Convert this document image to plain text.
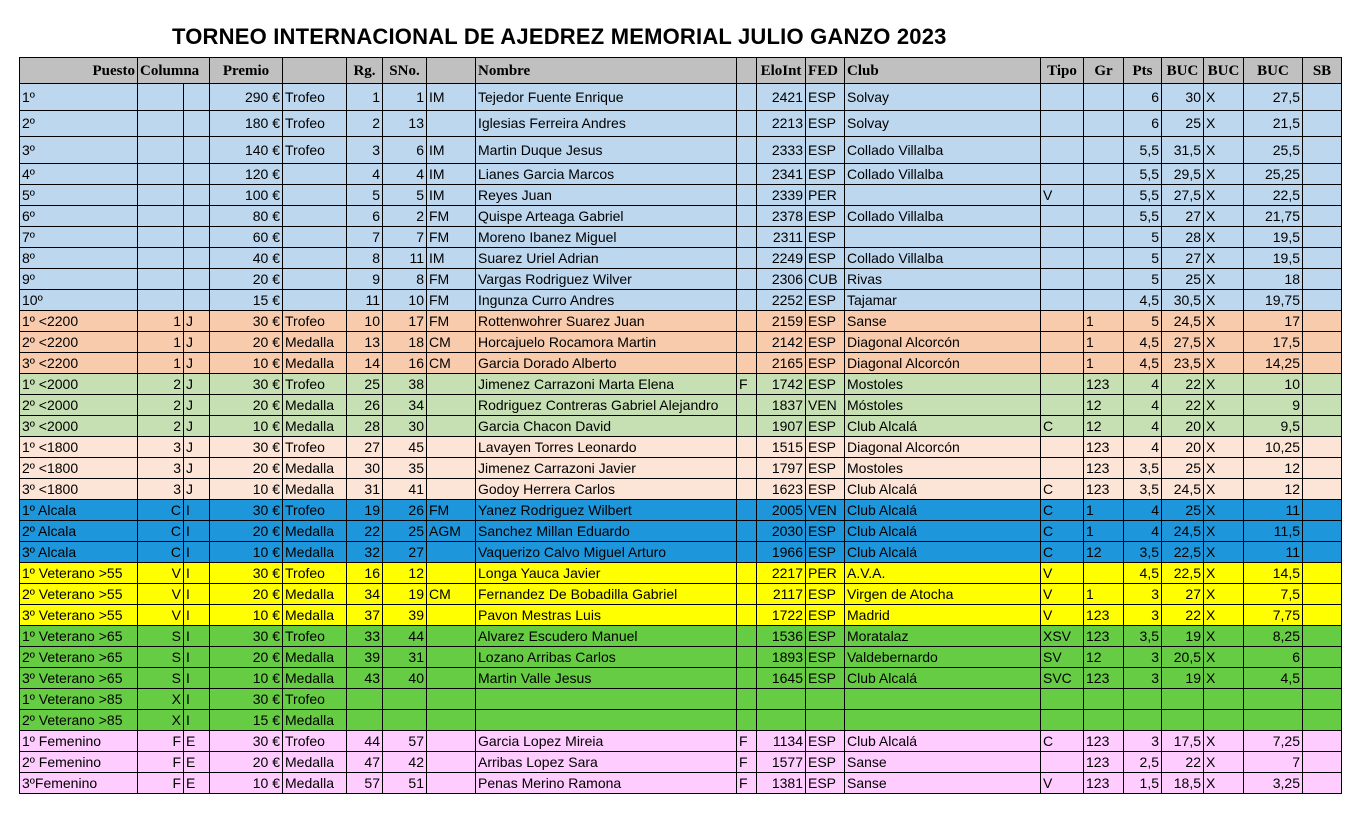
TORNEO INTERNACIONAL DE AJEDREZ MEMORIAL JULIO GANZO 2023
Puesto	Columna		Premio		Rg.	SNo.		Nombre		EloInt	FED	Club	Tipo	Gr	Pts	BUC	BUC	BUC	SB
1º			290 €	Trofeo	1	1	IM	Tejedor Fuente Enrique		2421	ESP	Solvay			6	30	X	27,5	
2º			180 €	Trofeo	2	13		Iglesias Ferreira Andres		2213	ESP	Solvay			6	25	X	21,5	
3º			140 €	Trofeo	3	6	IM	Martin Duque Jesus		2333	ESP	Collado Villalba			5,5	31,5	X	25,5	
4º			120 €		4	4	IM	Lianes Garcia Marcos		2341	ESP	Collado Villalba			5,5	29,5	X	25,25	
5º			100 €		5	5	IM	Reyes Juan		2339	PER		V		5,5	27,5	X	22,5	
6º			80 €		6	2	FM	Quispe Arteaga Gabriel		2378	ESP	Collado Villalba			5,5	27	X	21,75	
7º			60 €		7	7	FM	Moreno Ibanez Miguel		2311	ESP				5	28	X	19,5	
8º			40 €		8	11	IM	Suarez Uriel Adrian		2249	ESP	Collado Villalba			5	27	X	19,5	
9º			20 €		9	8	FM	Vargas Rodriguez Wilver		2306	CUB	Rivas			5	25	X	18	
10º			15 €		11	10	FM	Ingunza Curro Andres		2252	ESP	Tajamar			4,5	30,5	X	19,75	
1º <2200	1	J	30 €	Trofeo	10	17	FM	Rottenwohrer Suarez Juan		2159	ESP	Sanse		1	5	24,5	X	17	
2º <2200	1	J	20 €	Medalla	13	18	CM	Horcajuelo Rocamora Martin		2142	ESP	Diagonal Alcorcón		1	4,5	27,5	X	17,5	
3º <2200	1	J	10 €	Medalla	14	16	CM	Garcia Dorado Alberto		2165	ESP	Diagonal Alcorcón		1	4,5	23,5	X	14,25	
1º <2000	2	J	30 €	Trofeo	25	38		Jimenez Carrazoni Marta Elena	F	1742	ESP	Mostoles		123	4	22	X	10	
2º <2000	2	J	20 €	Medalla	26	34		Rodriguez Contreras Gabriel Alejandro		1837	VEN	Móstoles		12	4	22	X	9	
3º <2000	2	J	10 €	Medalla	28	30		Garcia Chacon David		1907	ESP	Club Alcalá	C	12	4	20	X	9,5	
1º <1800	3	J	30 €	Trofeo	27	45		Lavayen Torres Leonardo		1515	ESP	Diagonal Alcorcón		123	4	20	X	10,25	
2º <1800	3	J	20 €	Medalla	30	35		Jimenez Carrazoni Javier		1797	ESP	Mostoles		123	3,5	25	X	12	
3º <1800	3	J	10 €	Medalla	31	41		Godoy Herrera Carlos		1623	ESP	Club Alcalá	C	123	3,5	24,5	X	12	
1º Alcala	C	I	30 €	Trofeo	19	26	FM	Yanez Rodriguez Wilbert		2005	VEN	Club Alcalá	C	1	4	25	X	11	
2º Alcala	C	I	20 €	Medalla	22	25	AGM	Sanchez Millan Eduardo		2030	ESP	Club Alcalá	C	1	4	24,5	X	11,5	
3º Alcala	C	I	10 €	Medalla	32	27		Vaquerizo Calvo Miguel Arturo		1966	ESP	Club Alcalá	C	12	3,5	22,5	X	11	
1º Veterano >55	V	I	30 €	Trofeo	16	12		Longa Yauca Javier		2217	PER	A.V.A.	V		4,5	22,5	X	14,5	
2º Veterano >55	V	I	20 €	Medalla	34	19	CM	Fernandez De Bobadilla Gabriel		2117	ESP	Virgen de Atocha	V	1	3	27	X	7,5	
3º Veterano >55	V	I	10 €	Medalla	37	39		Pavon Mestras Luis		1722	ESP	Madrid	V	123	3	22	X	7,75	
1º Veterano >65	S	I	30 €	Trofeo	33	44		Alvarez Escudero Manuel		1536	ESP	Moratalaz	XSV	123	3,5	19	X	8,25	
2º Veterano >65	S	I	20 €	Medalla	39	31		Lozano Arribas Carlos		1893	ESP	Valdebernardo	SV	12	3	20,5	X	6	
3º Veterano >65	S	I	10 €	Medalla	43	40		Martin Valle Jesus		1645	ESP	Club Alcalá	SVC	123	3	19	X	4,5	
1º Veterano >85	X	I	30 €	Trofeo															
2º Veterano >85	X	I	15 €	Medalla															
1º Femenino	F	E	30 €	Trofeo	44	57		Garcia Lopez Mireia	F	1134	ESP	Club Alcalá	C	123	3	17,5	X	7,25	
2º Femenino	F	E	20 €	Medalla	47	42		Arribas Lopez Sara	F	1577	ESP	Sanse		123	2,5	22	X	7	
3ºFemenino	F	E	10 €	Medalla	57	51		Penas Merino Ramona	F	1381	ESP	Sanse	V	123	1,5	18,5	X	3,25	
